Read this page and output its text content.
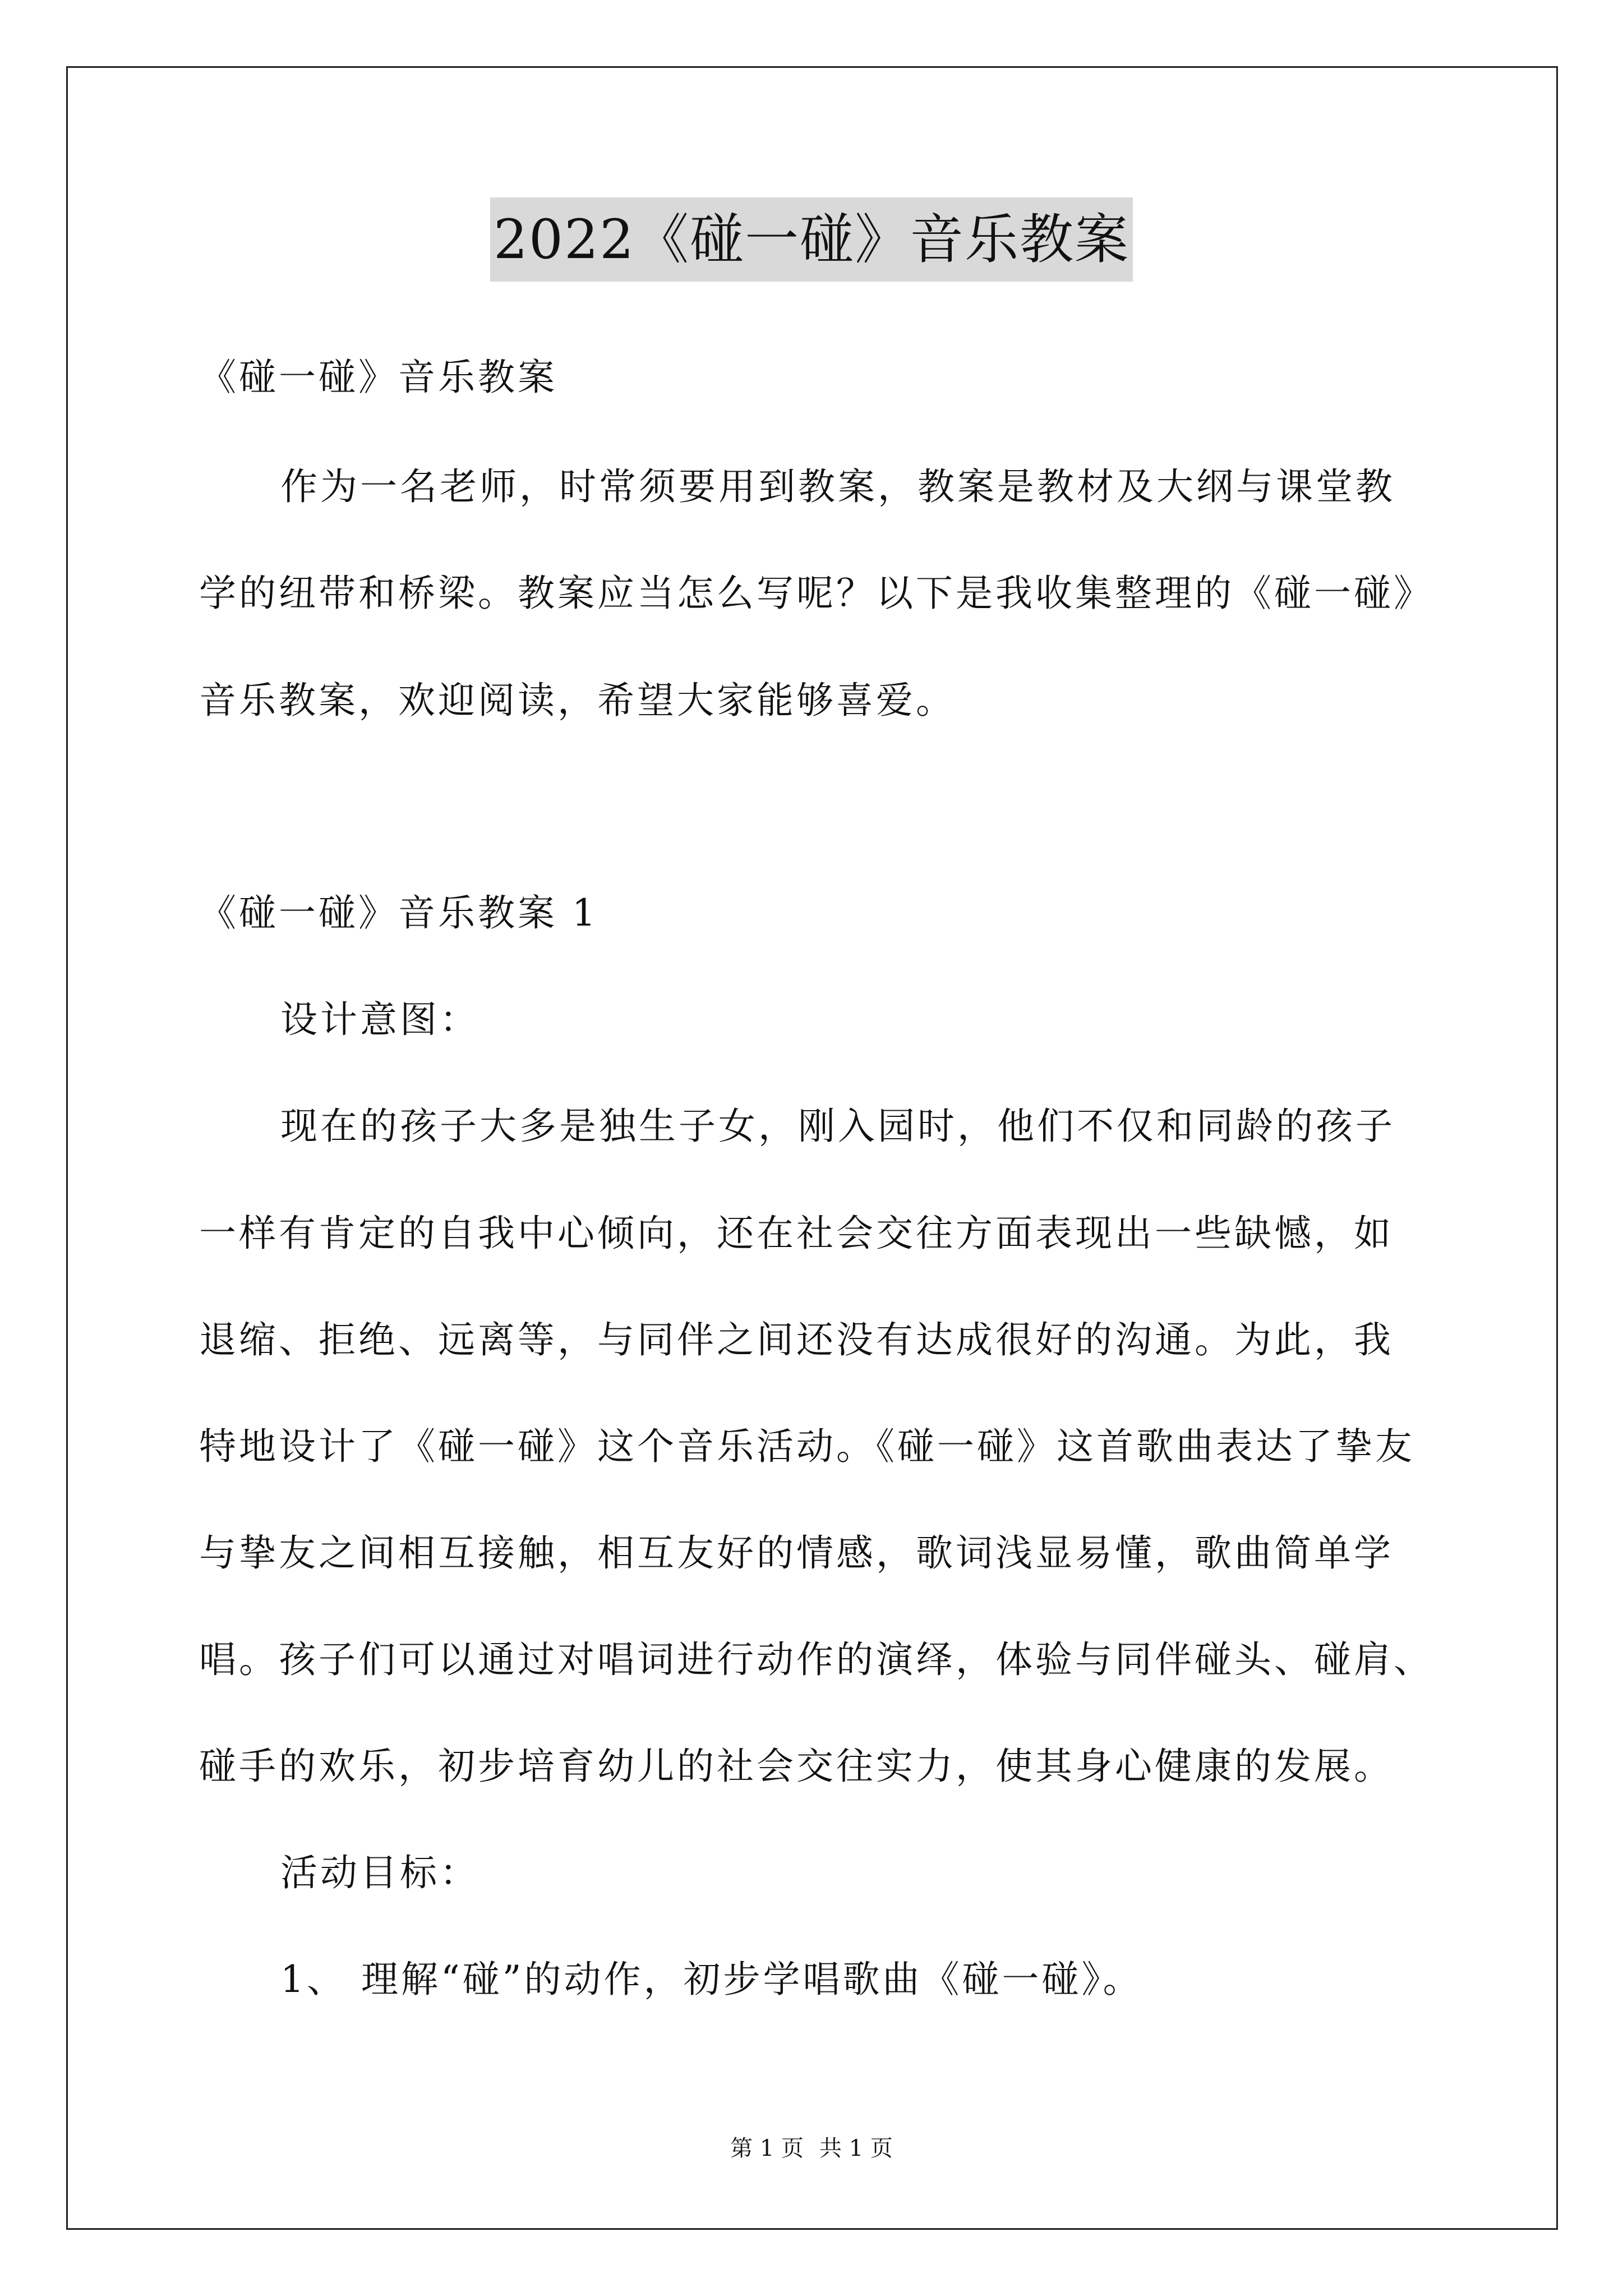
2022《碰一碰》音乐教案
《碰一碰》音乐教案
作为一名老师，时常须要用到教案，教案是教材及大纲与课堂教
学的纽带和桥梁。教案应当怎么写呢？以下是我收集整理的《碰一碰》
音乐教案，欢迎阅读，希望大家能够喜爱。
《碰一碰》音乐教案 1
设计意图：
现在的孩子大多是独生子女，刚入园时，他们不仅和同龄的孩子
一样有肯定的自我中心倾向，还在社会交往方面表现出一些缺憾，如
退缩、拒绝、远离等，与同伴之间还没有达成很好的沟通。为此，我
特地设计了《碰一碰》这个音乐活动。《碰一碰》这首歌曲表达了挚友
与挚友之间相互接触，相互友好的情感，歌词浅显易懂，歌曲简单学
唱。孩子们可以通过对唱词进行动作的演绎，体验与同伴碰头、碰肩、
碰手的欢乐，初步培育幼儿的社会交往实力，使其身心健康的发展。
活动目标：
1、 理解“碰”的动作，初步学唱歌曲《碰一碰》。
第 1 页 共 1 页
